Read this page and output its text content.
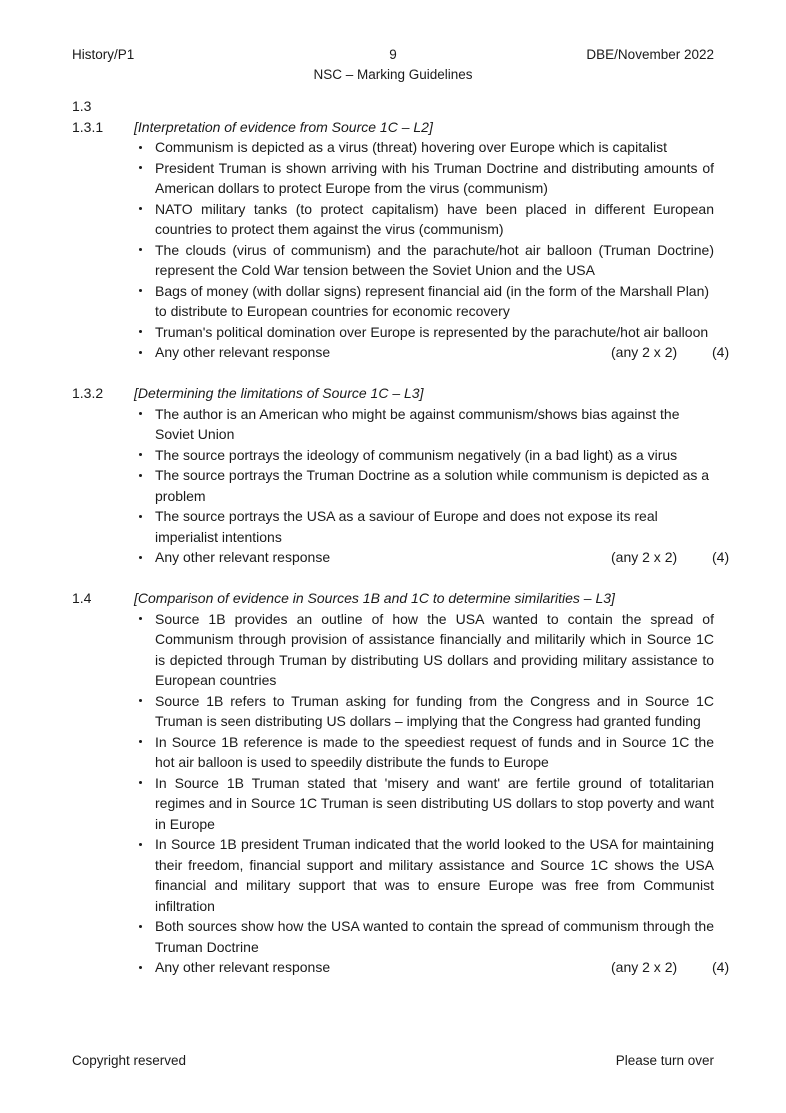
History/P1	9	DBE/November 2022
NSC – Marking Guidelines
1.3
1.3.1	[Interpretation of evidence from Source 1C – L2]
Communism is depicted as a virus (threat) hovering over Europe which is capitalist
President Truman is shown arriving with his Truman Doctrine and distributing amounts of American dollars to protect Europe from the virus (communism)
NATO military tanks (to protect capitalism) have been placed in different European countries to protect them against the virus (communism)
The clouds (virus of communism) and the parachute/hot air balloon (Truman Doctrine) represent the Cold War tension between the Soviet Union and the USA
Bags of money (with dollar signs) represent financial aid (in the form of the Marshall Plan) to distribute to European countries for economic recovery
Truman's political domination over Europe is represented by the parachute/hot air balloon
Any other relevant response	(any 2 x 2) (4)
1.3.2	[Determining the limitations of Source 1C – L3]
The author is an American who might be against communism/shows bias against the Soviet Union
The source portrays the ideology of communism negatively (in a bad light) as a virus
The source portrays the Truman Doctrine as a solution while communism is depicted as a problem
The source portrays the USA as a saviour of Europe and does not expose its real imperialist intentions
Any other relevant response	(any 2 x 2) (4)
1.4	[Comparison of evidence in Sources 1B and 1C to determine similarities – L3]
Source 1B provides an outline of how the USA wanted to contain the spread of Communism through provision of assistance financially and militarily which in Source 1C is depicted through Truman by distributing US dollars and providing military assistance to European countries
Source 1B refers to Truman asking for funding from the Congress and in Source 1C Truman is seen distributing US dollars – implying that the Congress had granted funding
In Source 1B reference is made to the speediest request of funds and in Source 1C the hot air balloon is used to speedily distribute the funds to Europe
In Source 1B Truman stated that 'misery and want' are fertile ground of totalitarian regimes and in Source 1C Truman is seen distributing US dollars to stop poverty and want in Europe
In Source 1B president Truman indicated that the world looked to the USA for maintaining their freedom, financial support and military assistance and Source 1C shows the USA financial and military support that was to ensure Europe was free from Communist infiltration
Both sources show how the USA wanted to contain the spread of communism through the Truman Doctrine
Any other relevant response	(any 2 x 2) (4)
Copyright reserved	Please turn over
